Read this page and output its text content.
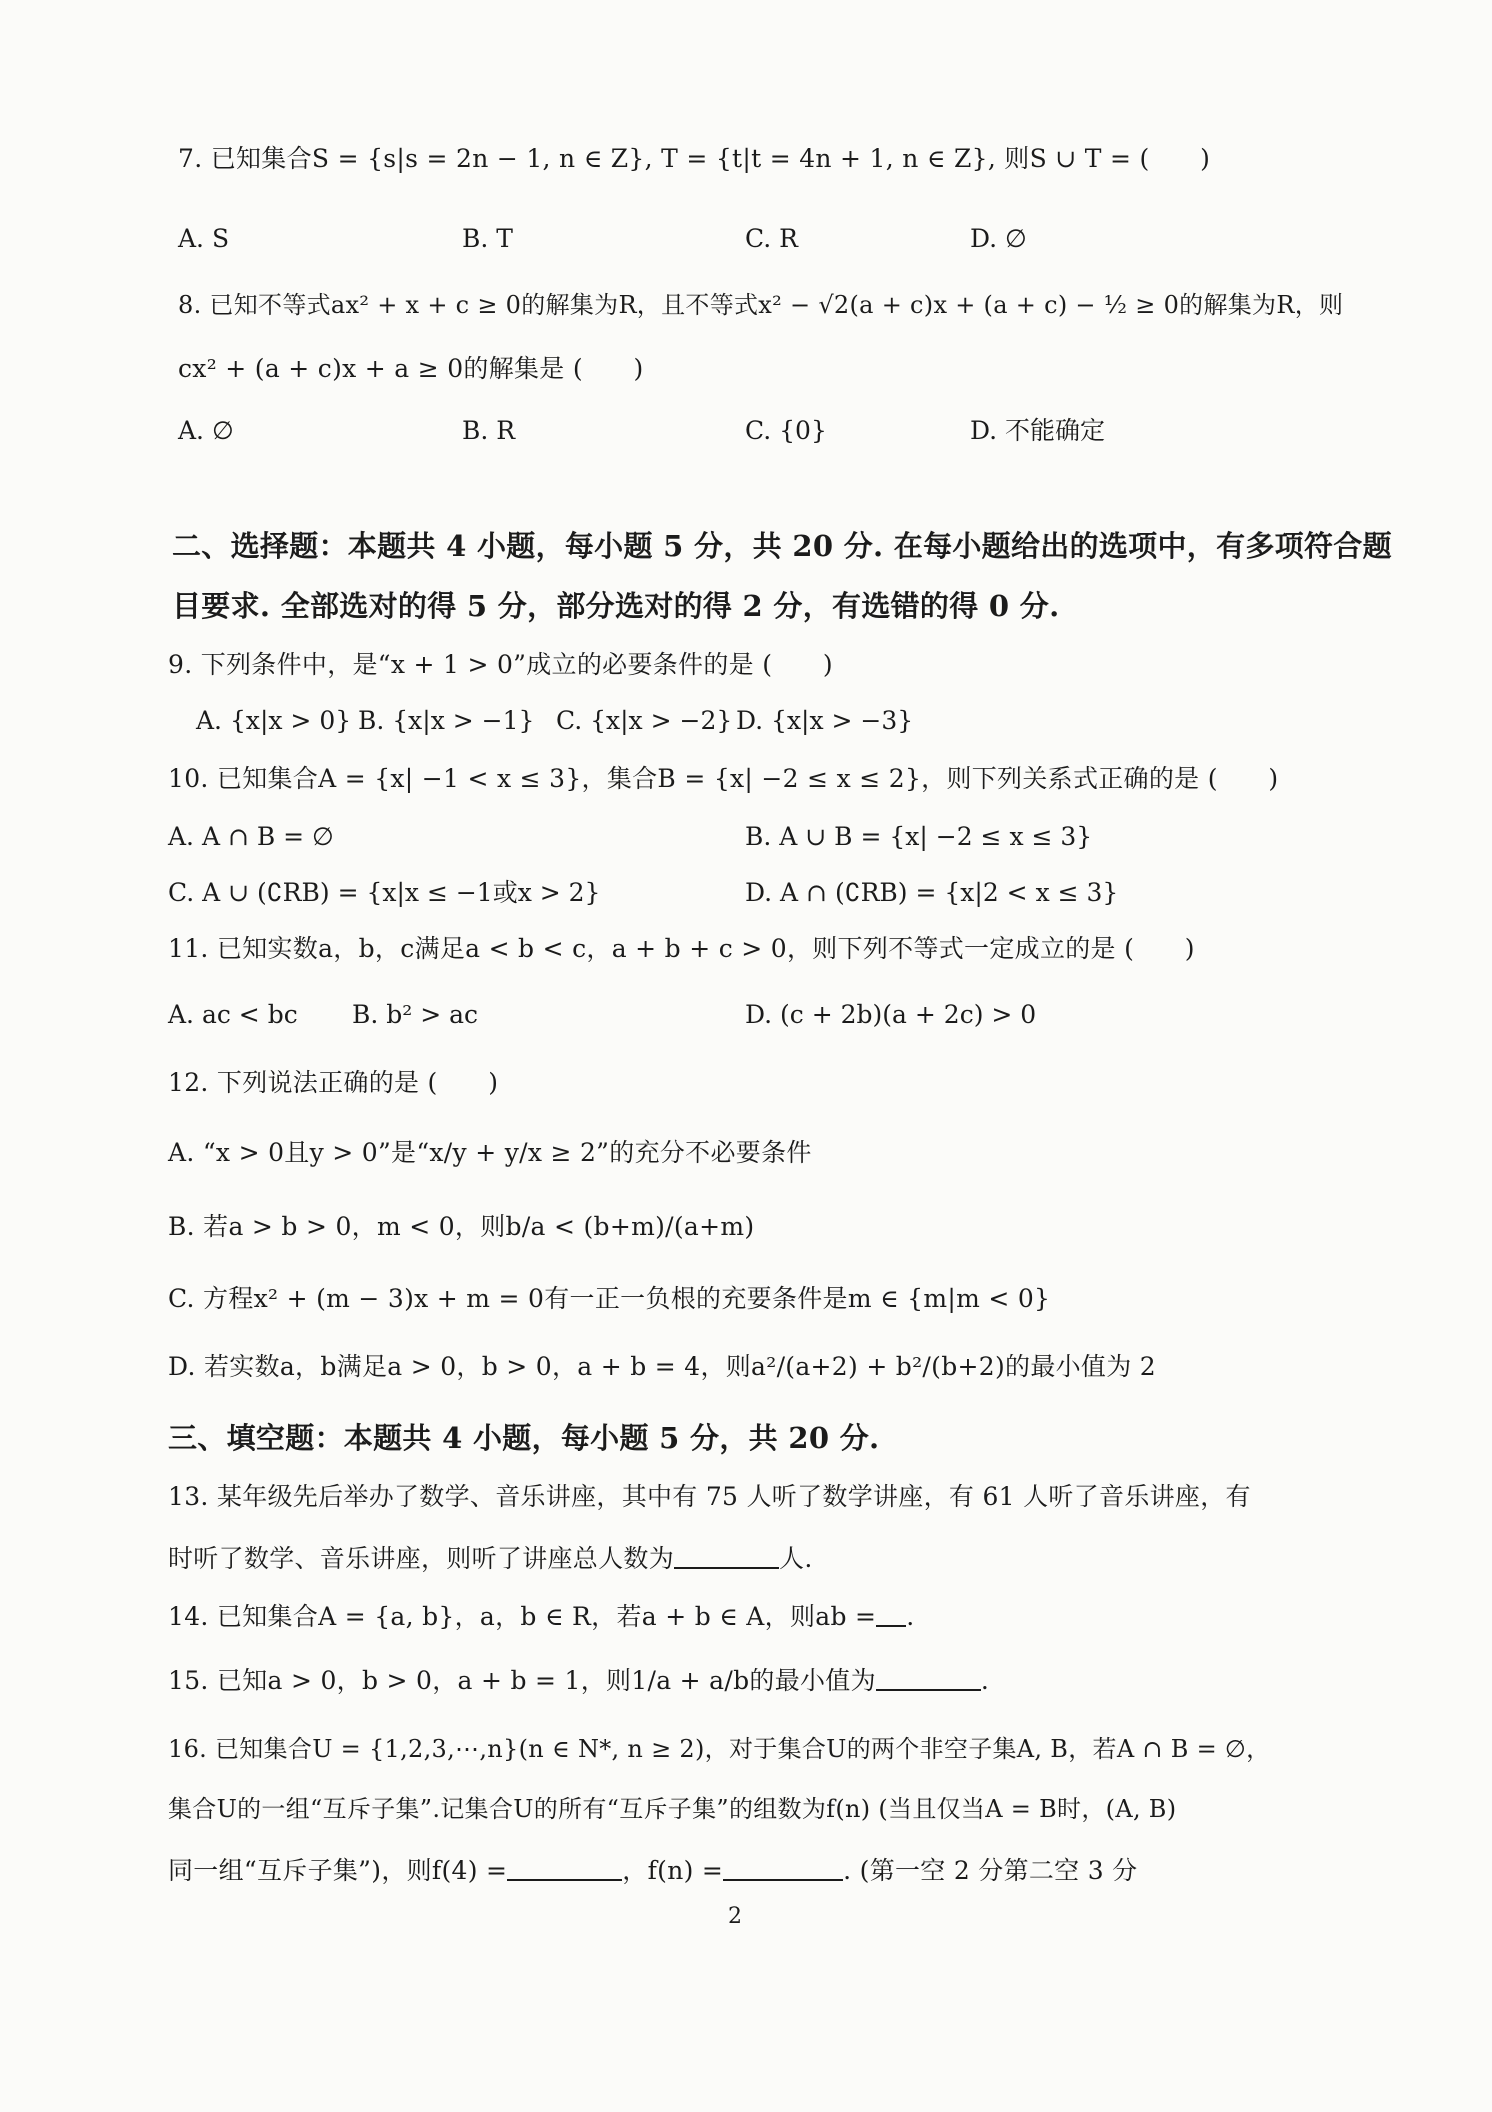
7. 已知集合S = {s|s = 2n − 1, n ∈ Z}, T = {t|t = 4n + 1, n ∈ Z}, 则S ∪ T = (　　)
A. S	B. T	C. R	D. ∅
8. 已知不等式ax² + x + c ≥ 0的解集为R，且不等式x² − √2(a + c)x + (a + c) − ½ ≥ 0的解集为R，则
cx² + (a + c)x + a ≥ 0的解集是 (　　)
A. ∅	B. R	C. {0}	D. 不能确定
二、选择题：本题共 4 小题，每小题 5 分，共 20 分. 在每小题给出的选项中，有多项符合题
目要求. 全部选对的得 5 分，部分选对的得 2 分，有选错的得 0 分.
9. 下列条件中，是“x + 1 > 0”成立的必要条件的是 (　　)
A. {x|x > 0} B. {x|x > −1} C. {x|x > −2} D. {x|x > −3}
10. 已知集合A = {x| −1 < x ≤ 3}，集合B = {x| −2 ≤ x ≤ 2}，则下列关系式正确的是 (　　)
A. A ∩ B = ∅	B. A ∪ B = {x| −2 ≤ x ≤ 3}
C. A ∪ (∁RB) = {x|x ≤ −1或x > 2}	D. A ∩ (∁RB) = {x|2 < x ≤ 3}
11. 已知实数a，b，c满足a < b < c，a + b + c > 0，则下列不等式一定成立的是 (　　)
A. ac < bc B. b² > ac	D. (c + 2b)(a + 2c) > 0
12. 下列说法正确的是 (　　)
A. “x > 0且y > 0”是“x/y + y/x ≥ 2”的充分不必要条件
B. 若a > b > 0，m < 0，则b/a < (b+m)/(a+m)
C. 方程x² + (m − 3)x + m = 0有一正一负根的充要条件是m ∈ {m|m < 0}
D. 若实数a，b满足a > 0，b > 0，a + b = 4，则a²/(a+2) + b²/(b+2)的最小值为 2
三、填空题：本题共 4 小题，每小题 5 分，共 20 分.
13. 某年级先后举办了数学、音乐讲座，其中有 75 人听了数学讲座，有 61 人听了音乐讲座，有
时听了数学、音乐讲座，则听了讲座总人数为	人.
14. 已知集合A = {a, b}，a，b ∈ R，若a + b ∈ A，则ab = .
15. 已知a > 0，b > 0，a + b = 1，则1/a + a/b的最小值为	.
16. 已知集合U = {1,2,3,⋯,n}(n ∈ N*, n ≥ 2)，对于集合U的两个非空子集A, B，若A ∩ B = ∅，
集合U的一组“互斥子集”.记集合U的所有“互斥子集”的组数为f(n) (当且仅当A = B时，(A, B)
同一组“互斥子集”)，则f(4) =	，f(n) =	. (第一空 2 分第二空 3 分
2
